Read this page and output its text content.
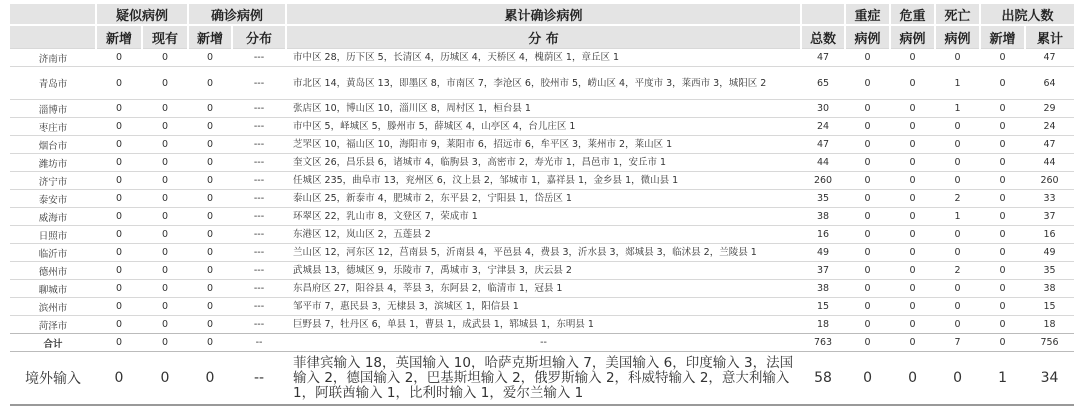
	疑似病例		确诊病例		累计确诊病例		重症	危重	死亡	出院人数	
	新增	现有	新增	分布	分 布	总数	病例	病例	病例	新增	累计
济南市	0	0	0	---	市中区 28，历下区 5，长清区 4，历城区 4，天桥区 4，槐荫区 1，章丘区 1	47	0	0	0	0	47
青岛市	0	0	0	---	市北区 14，黄岛区 13，即墨区 8，市南区 7，李沧区 6，胶州市 5，崂山区 4，平度市 3，莱西市 3，城阳区 2	65	0	0	1	0	64
淄博市	0	0	0	---	张店区 10，博山区 10，淄川区 8，周村区 1，桓台县 1	30	0	0	1	0	29
枣庄市	0	0	0	---	市中区 5，峄城区 5，滕州市 5，薛城区 4，山亭区 4，台儿庄区 1	24	0	0	0	0	24
烟台市	0	0	0	---	芝罘区 10，福山区 10，海阳市 9，莱阳市 6，招远市 6，牟平区 3，莱州市 2，莱山区 1	47	0	0	0	0	47
潍坊市	0	0	0	---	奎文区 26，昌乐县 6，诸城市 4，临朐县 3，高密市 2，寿光市 1，昌邑市 1，安丘市 1	44	0	0	0	0	44
济宁市	0	0	0	---	任城区 235，曲阜市 13，兖州区 6，汶上县 2，邹城市 1，嘉祥县 1，金乡县 1，微山县 1	260	0	0	0	0	260
泰安市	0	0	0	---	泰山区 25，新泰市 4，肥城市 2，东平县 2，宁阳县 1，岱岳区 1	35	0	0	2	0	33
威海市	0	0	0	---	环翠区 22，乳山市 8，文登区 7，荣成市 1	38	0	0	1	0	37
日照市	0	0	0	---	东港区 12，岚山区 2，五莲县 2	16	0	0	0	0	16
临沂市	0	0	0	---	兰山区 12，河东区 12，莒南县 5，沂南县 4，平邑县 4，费县 3，沂水县 3，郯城县 3，临沭县 2，兰陵县 1	49	0	0	0	0	49
德州市	0	0	0	---	武城县 13，德城区 9，乐陵市 7，禹城市 3，宁津县 3，庆云县 2	37	0	0	2	0	35
聊城市	0	0	0	---	东昌府区 27，阳谷县 4，莘县 3，东阿县 2，临清市 1，冠县 1	38	0	0	0	0	38
滨州市	0	0	0	---	邹平市 7，惠民县 3，无棣县 3，滨城区 1，阳信县 1	15	0	0	0	0	15
菏泽市	0	0	0	---	巨野县 7，牡丹区 6，单县 1，曹县 1，成武县 1，郓城县 1，东明县 1	18	0	0	0	0	18
合计	0	0	0	--	--	763	0	0	7	0	756
境外输入	0	0	0	--	菲律宾输入 18，英国输入 10，哈萨克斯坦输入 7，美国输入 6，印度输入 3，法国输入 2，德国输入 2，巴基斯坦输入 2，俄罗斯输入 2，科威特输入 2，意大利输入 1，阿联酋输入 1，比利时输入 1，爱尔兰输入 1	58	0	0	0	1	34
